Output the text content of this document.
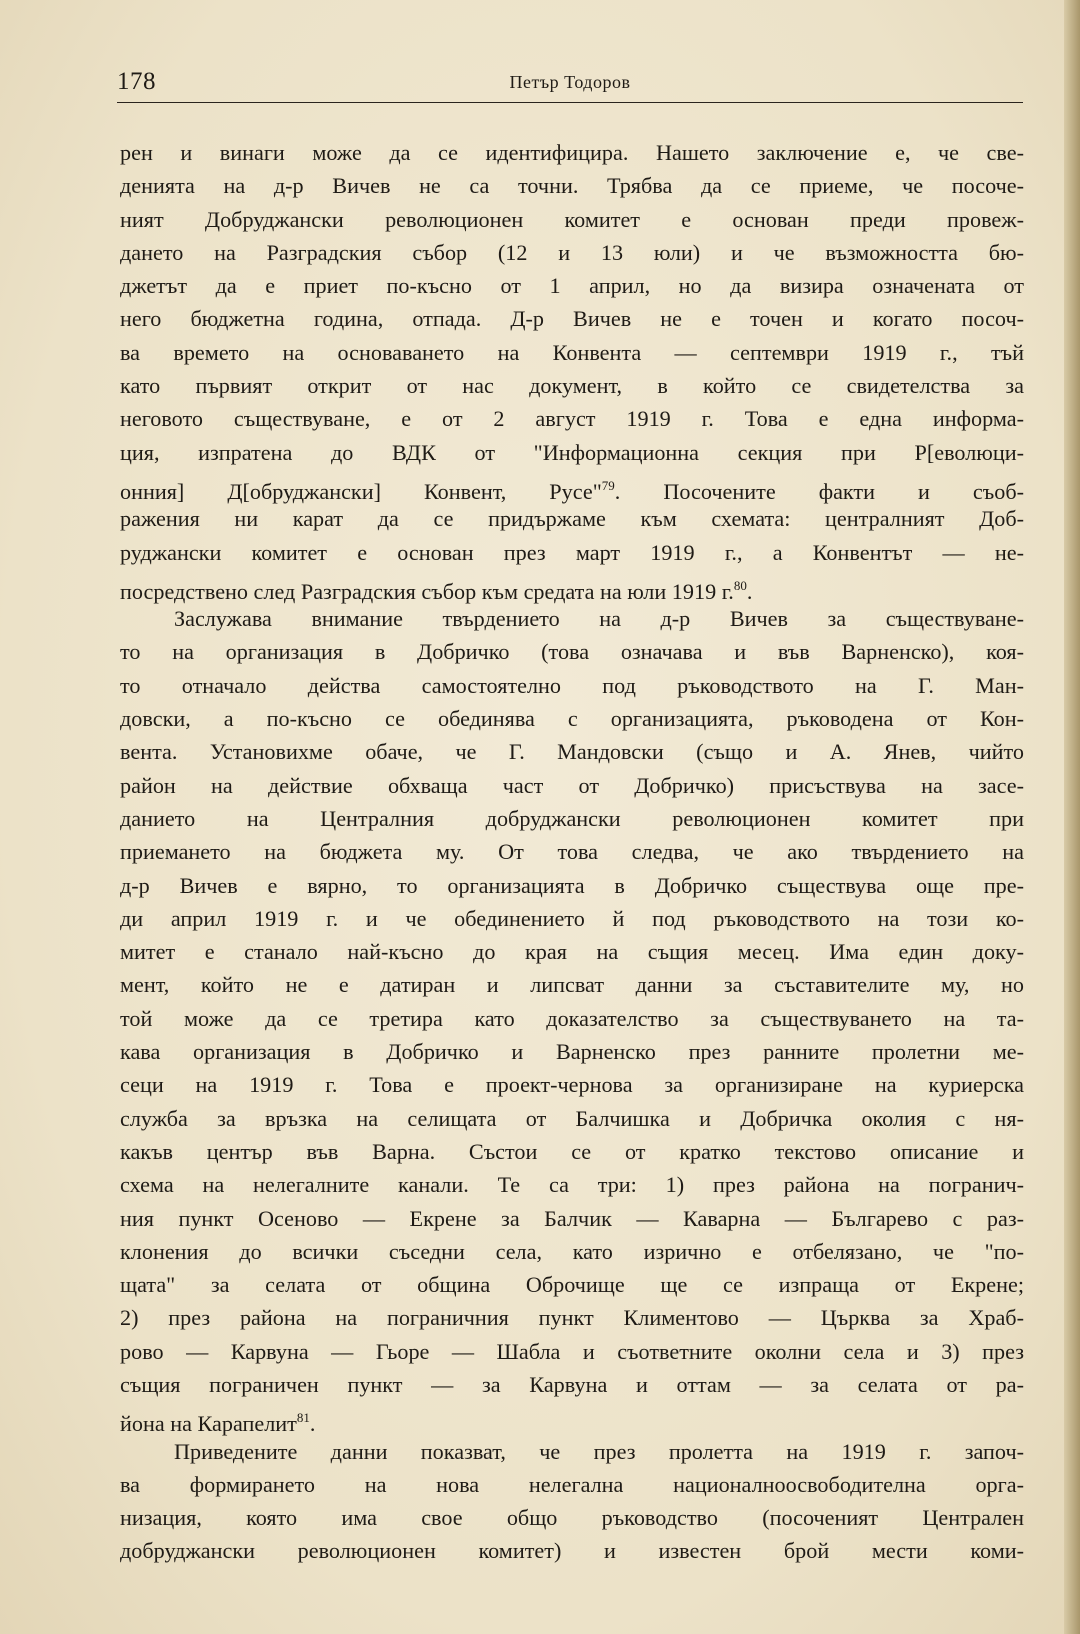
178	Петър Тодоров
рен и винаги може да се идентифицира. Нашето заключение е, че све-
денията на д-р Вичев не са точни. Трябва да се приеме, че посоче-
ният Добруджански революционен комитет е основан преди провеж-
дането на Разградския събор (12 и 13 юли) и че възможността бю-
джетът да е приет по-късно от 1 април, но да визира означената от
него бюджетна година, отпада. Д-р Вичев не е точен и когато посоч-
ва времето на основаването на Конвента — септември 1919 г., тъй
като първият открит от нас документ, в който се свидетелства за
неговото съществуване, е от 2 август 1919 г. Това е една информа-
ция, изпратена до ВДК от "Информационна секция при Р[еволюци-
онния] Д[обруджански] Конвент, Русе"$^{79}$. Посочените факти и съоб-
ражения ни карат да се придържаме към схемата: централният Доб-
руджански комитет е основан през март 1919 г., а Конвентът — не-
посредствено след Разградския събор към средата на юли 1919 г.$^{80}$.
Заслужава внимание твърдението на д-р Вичев за съществуване-
то на организация в Добричко (това означава и във Варненско), коя-
то отначало действа самостоятелно под ръководството на Г. Ман-
довски, а по-късно се обединява с организацията, ръководена от Кон-
вента. Установихме обаче, че Г. Мандовски (също и А. Янев, чийто
район на действие обхваща част от Добричко) присъствува на засе-
данието на Централния добруджански революционен комитет при
приемането на бюджета му. От това следва, че ако твърдението на
д-р Вичев е вярно, то организацията в Добричко съществува още пре-
ди април 1919 г. и че обединението й под ръководството на този ко-
митет е станало най-късно до края на същия месец. Има един доку-
мент, който не е датиран и липсват данни за съставителите му, но
той може да се третира като доказателство за съществуването на та-
кава организация в Добричко и Варненско през ранните пролетни ме-
сеци на 1919 г. Това е проект-чернова за организиране на куриерска
служба за връзка на селищата от Балчишка и Добричка околия с ня-
какъв център във Варна. Състои се от кратко текстово описание и
схема на нелегалните канали. Те са три: 1) през района на погранич-
ния пункт Осеново — Екрене за Балчик — Каварна — Българево с раз-
клонения до всички съседни села, като изрично е отбелязано, че "по-
щата" за селата от община Оброчище ще се изпраща от Екрене;
2) през района на пограничния пункт Климентово — Църква за Храб-
рово — Карвуна — Гьоре — Шабла и съответните околни села и 3) през
същия пограничен пункт — за Карвуна и оттам — за селата от ра-
йона на Карапелит$^{81}$.
Приведените данни показват, че през пролетта на 1919 г. започ-
ва формирането на нова нелегална националноосвободителна орга-
низация, която има свое общо ръководство (посоченият Централен
добруджански революционен комитет) и известен брой мести коми-
